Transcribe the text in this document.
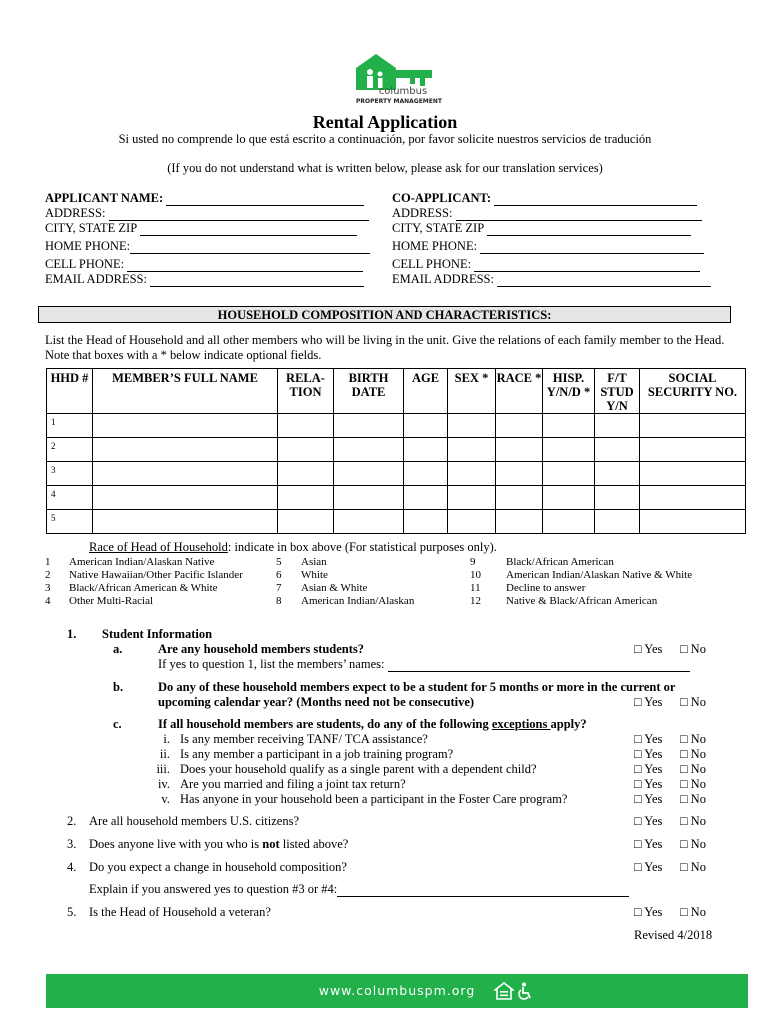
columbus
PROPERTY MANAGEMENT
Rental Application
Si usted no comprende lo que está escrito a continuación, por favor solicite nuestros servicios de tradución
(If you do not understand what is written below, please ask for our translation services)
APPLICANT NAME:
ADDRESS:
CITY, STATE ZIP
HOME PHONE:
CELL PHONE:
EMAIL ADDRESS:
CO-APPLICANT:
ADDRESS:
CITY, STATE ZIP
HOME PHONE:
CELL PHONE:
EMAIL ADDRESS:
HOUSEHOLD COMPOSITION AND CHARACTERISTICS:
List the Head of Household and all other members who will be living in the unit. Give the relations of each family member to the Head. Note that boxes with a * below indicate optional fields.
HHD #	MEMBER’S FULL NAME	RELA- TION	BIRTH DATE	AGE	SEX *	RACE *	HISP. Y/N/D *	F/T STUD Y/N	SOCIAL SECURITY NO.
1									
2									
3									
4									
5									
Race of Head of Household: indicate in box above (For statistical purposes only).
1 American Indian/Alaskan Native
2 Native Hawaiian/Other Pacific Islander
3 Black/African American & White
4 Other Multi-Racial
5 Asian
6 White
7 Asian & White
8 American Indian/Alaskan
9	Black/African American
10 American Indian/Alaskan Native & White
11 Decline to answer
12 Native & Black/African American
1. Student Information
a.	Are any household members students?	□ Yes □ No
If yes to question 1, list the members’ names:
b.	Do any of these household members expect to be a student for 5 months or more in the current or
upcoming calendar year? (Months need not be consecutive)	□ Yes □ No
c.	If all household members are students, do any of the following exceptions apply?
i. Is any member receiving TANF/ TCA assistance?	□ Yes □ No
ii. Is any member a participant in a job training program?	□ Yes □ No
iii. Does your household qualify as a single parent with a dependent child?	□ Yes □ No
iv. Are you married and filing a joint tax return?	□ Yes □ No
v. Has anyone in your household been a participant in the Foster Care program?	□ Yes □ No
2. Are all household members U.S. citizens?	□ Yes □ No
3. Does anyone live with you who is not listed above?	□ Yes □ No
4. Do you expect a change in household composition?	□ Yes □ No
Explain if you answered yes to question #3 or #4:
5. Is the Head of Household a veteran?	□ Yes □ No
Revised 4/2018
www.columbuspm.org
